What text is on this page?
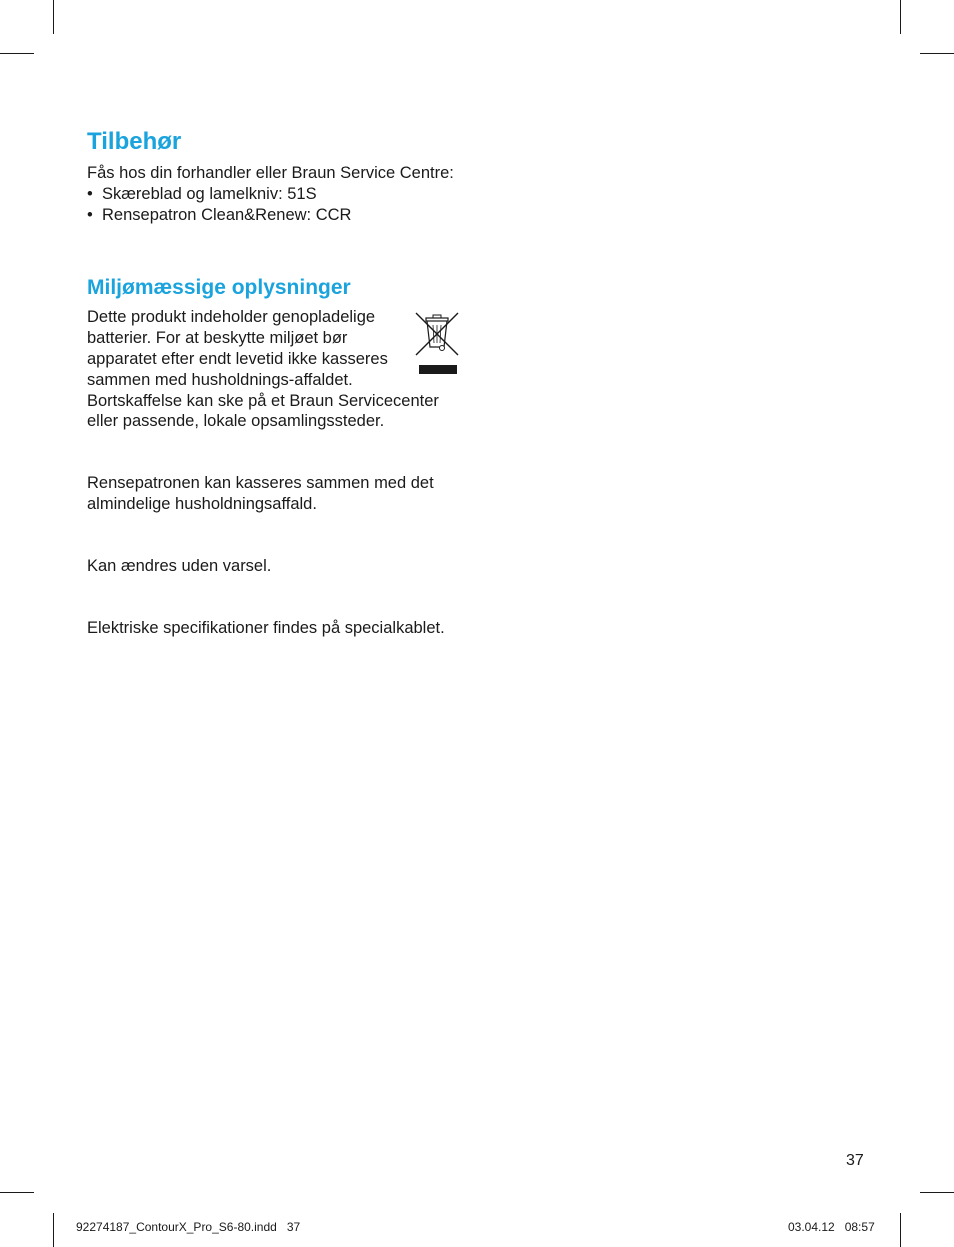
Tilbehør

Fås hos din forhandler eller Braun Service Centre:

• Skæreblad og lamelkniv: 51S
• Rensepatron Clean&Renew: CCR
Miljømæssige oplysninger

Dette produkt indeholder genopladelige batterier. For at beskytte miljøet bør apparatet efter endt levetid ikke kasseres sammen med husholdnings-affaldet. Bortskaffelse kan ske på et Braun Servicecenter eller passende, lokale opsamlingssteder.

Rensepatronen kan kasseres sammen med det almindelige husholdningsaffald.

Kan ændres uden varsel.

Elektriske specifikationer findes på specialkablet.

37
92274187_ContourX_Pro_S6-80.indd   37	03.04.12   08:57
